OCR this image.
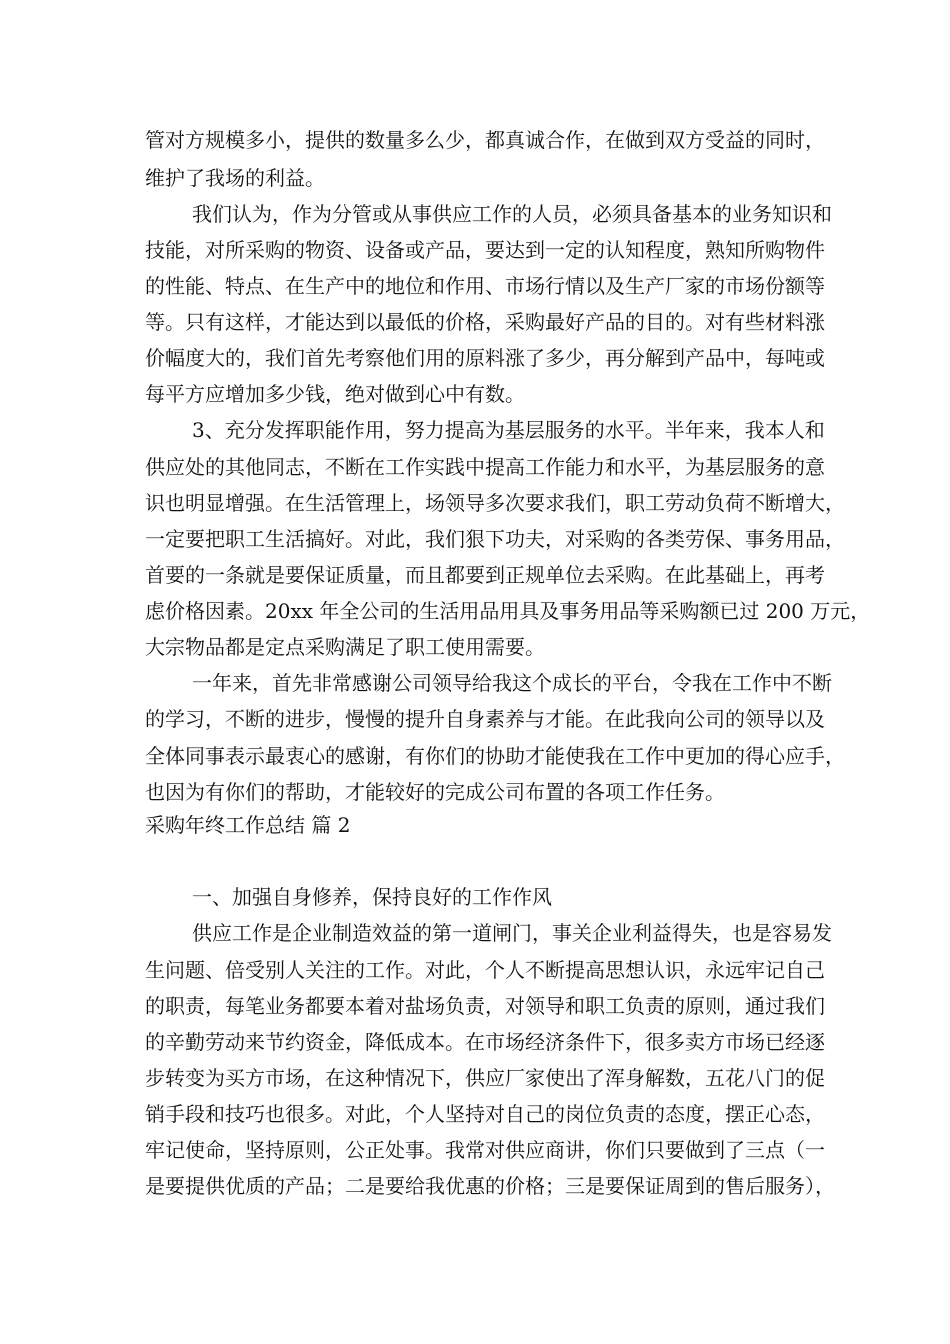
管对方规模多小，提供的数量多么少，都真诚合作，在做到双方受益的同时，
维护了我场的利益。
我们认为，作为分管或从事供应工作的人员，必须具备基本的业务知识和
技能，对所采购的物资、设备或产品，要达到一定的认知程度，熟知所购物件
的性能、特点、在生产中的地位和作用、市场行情以及生产厂家的市场份额等
等。只有这样，才能达到以最低的价格，采购最好产品的目的。对有些材料涨
价幅度大的，我们首先考察他们用的原料涨了多少，再分解到产品中，每吨或
每平方应增加多少钱，绝对做到心中有数。
3、充分发挥职能作用，努力提高为基层服务的水平。半年来，我本人和
供应处的其他同志，不断在工作实践中提高工作能力和水平，为基层服务的意
识也明显增强。在生活管理上，场领导多次要求我们，职工劳动负荷不断增大，
一定要把职工生活搞好。对此，我们狠下功夫，对采购的各类劳保、事务用品，
首要的一条就是要保证质量，而且都要到正规单位去采购。在此基础上，再考
虑价格因素。20xx 年全公司的生活用品用具及事务用品等采购额已过 200 万元，
大宗物品都是定点采购满足了职工使用需要。
一年来，首先非常感谢公司领导给我这个成长的平台，令我在工作中不断
的学习，不断的进步，慢慢的提升自身素养与才能。在此我向公司的领导以及
全体同事表示最衷心的感谢，有你们的协助才能使我在工作中更加的得心应手，
也因为有你们的帮助，才能较好的完成公司布置的各项工作任务。
采购年终工作总结 篇 2
一、加强自身修养，保持良好的工作作风
供应工作是企业制造效益的第一道闸门，事关企业利益得失，也是容易发
生问题、倍受别人关注的工作。对此，个人不断提高思想认识，永远牢记自己
的职责，每笔业务都要本着对盐场负责，对领导和职工负责的原则，通过我们
的辛勤劳动来节约资金，降低成本。在市场经济条件下，很多卖方市场已经逐
步转变为买方市场，在这种情况下，供应厂家使出了浑身解数，五花八门的促
销手段和技巧也很多。对此，个人坚持对自己的岗位负责的态度，摆正心态，
牢记使命，坚持原则，公正处事。我常对供应商讲，你们只要做到了三点（一
是要提供优质的产品；二是要给我优惠的价格；三是要保证周到的售后服务），
